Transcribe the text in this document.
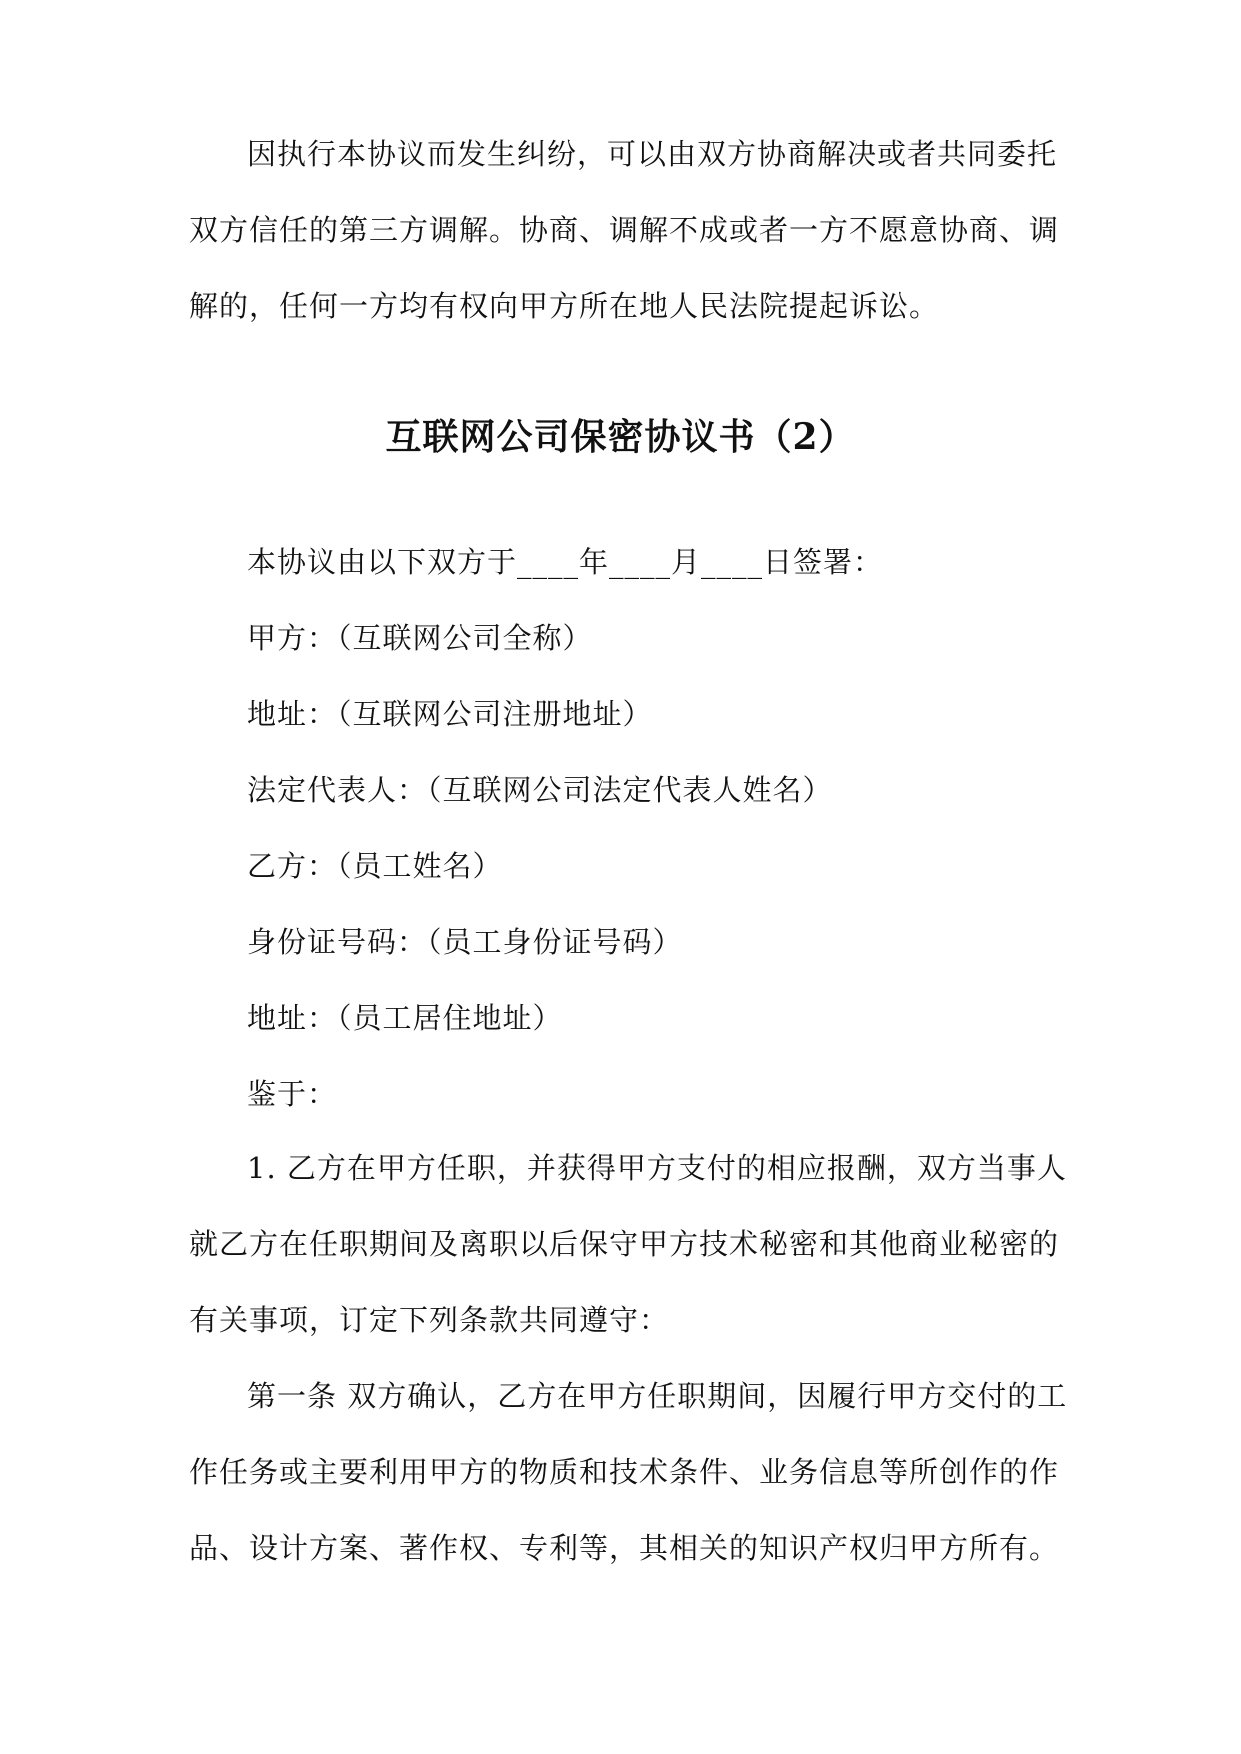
因执行本协议而发生纠纷，可以由双方协商解决或者共同委托双方信任的第三方调解。协商、调解不成或者一方不愿意协商、调解的，任何一方均有权向甲方所在地人民法院提起诉讼。

互联网公司保密协议书（2）
本协议由以下双方于____年____月____日签署：
甲方：（互联网公司全称）
地址：（互联网公司注册地址）
法定代表人：（互联网公司法定代表人姓名）
乙方：（员工姓名）
身份证号码：（员工身份证号码）
地址：（员工居住地址）
鉴于：

1. 乙方在甲方任职，并获得甲方支付的相应报酬，双方当事人就乙方在任职期间及离职以后保守甲方技术秘密和其他商业秘密的有关事项，订定下列条款共同遵守：

第一条 双方确认，乙方在甲方任职期间，因履行甲方交付的工作任务或主要利用甲方的物质和技术条件、业务信息等所创作的作品、设计方案、著作权、专利等，其相关的知识产权归甲方所有。
